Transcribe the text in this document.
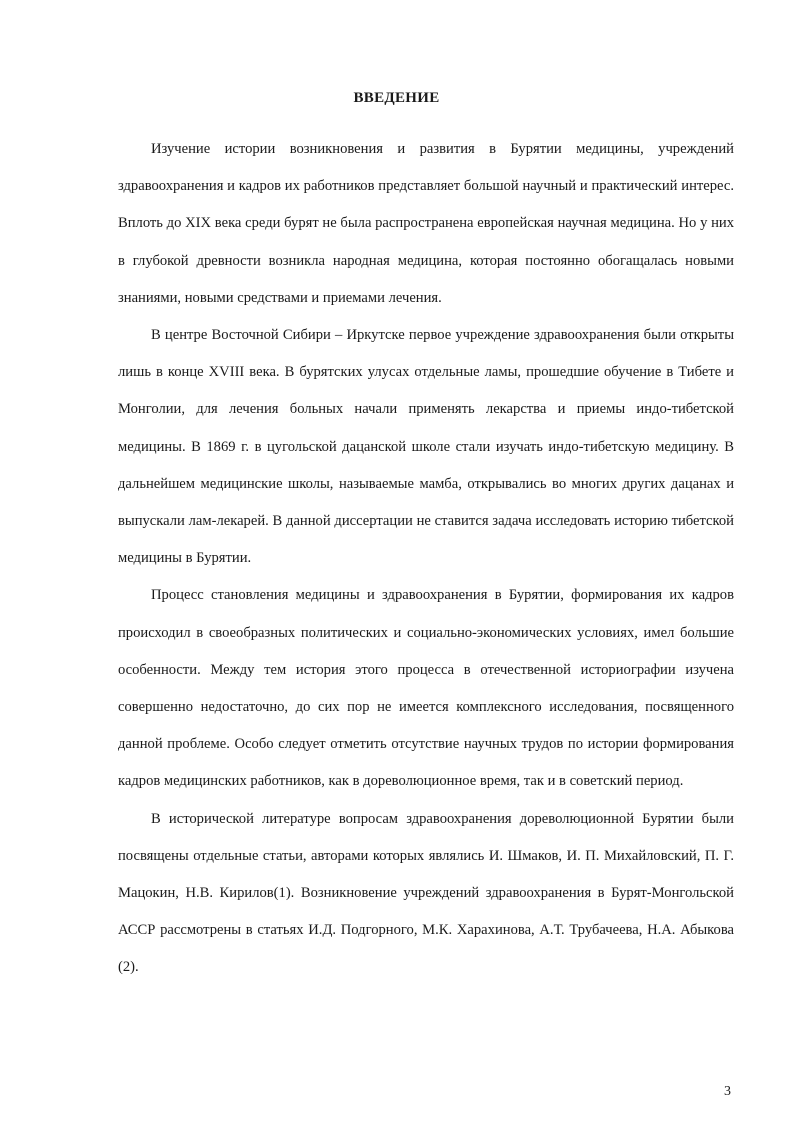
ВВЕДЕНИЕ

Изучение истории возникновения и развития в Бурятии медицины, учреждений здравоохранения и кадров их работников представляет большой научный и практический интерес. Вплоть до XIX века среди бурят не была распространена европейская научная медицина. Но у них в глубокой древности возникла народная медицина, которая постоянно обогащалась новыми знаниями, новыми средствами и приемами лечения.

В центре Восточной Сибири – Иркутске первое учреждение здравоохранения были открыты лишь в конце XVIII века. В бурятских улусах отдельные ламы, прошедшие обучение в Тибете и Монголии, для лечения больных начали применять лекарства и приемы индо-тибетской медицины. В 1869 г. в цугольской дацанской школе стали изучать индо-тибетскую медицину. В дальнейшем медицинские школы, называемые мамба, открывались во многих других дацанах и выпускали лам-лекарей. В данной диссертации не ставится задача исследовать историю тибетской медицины в Бурятии.

Процесс становления медицины и здравоохранения в Бурятии, формирования их кадров происходил в своеобразных политических и социально-экономических условиях, имел большие особенности. Между тем история этого процесса в отечественной историографии изучена совершенно недостаточно, до сих пор не имеется комплексного исследования, посвященного данной проблеме. Особо следует отметить отсутствие научных трудов по истории формирования кадров медицинских работников, как в дореволюционное время, так и в советский период.

В исторической литературе вопросам здравоохранения дореволюционной Бурятии были посвящены отдельные статьи, авторами которых являлись И. Шмаков, И. П. Михайловский, П. Г. Мацокин, Н.В. Кирилов(1). Возникновение учреждений здравоохранения в Бурят-Монгольской АССР рассмотрены в статьях И.Д. Подгорного, М.К. Харахинова, А.Т. Трубачеева, Н.А. Абыкова (2).

3
